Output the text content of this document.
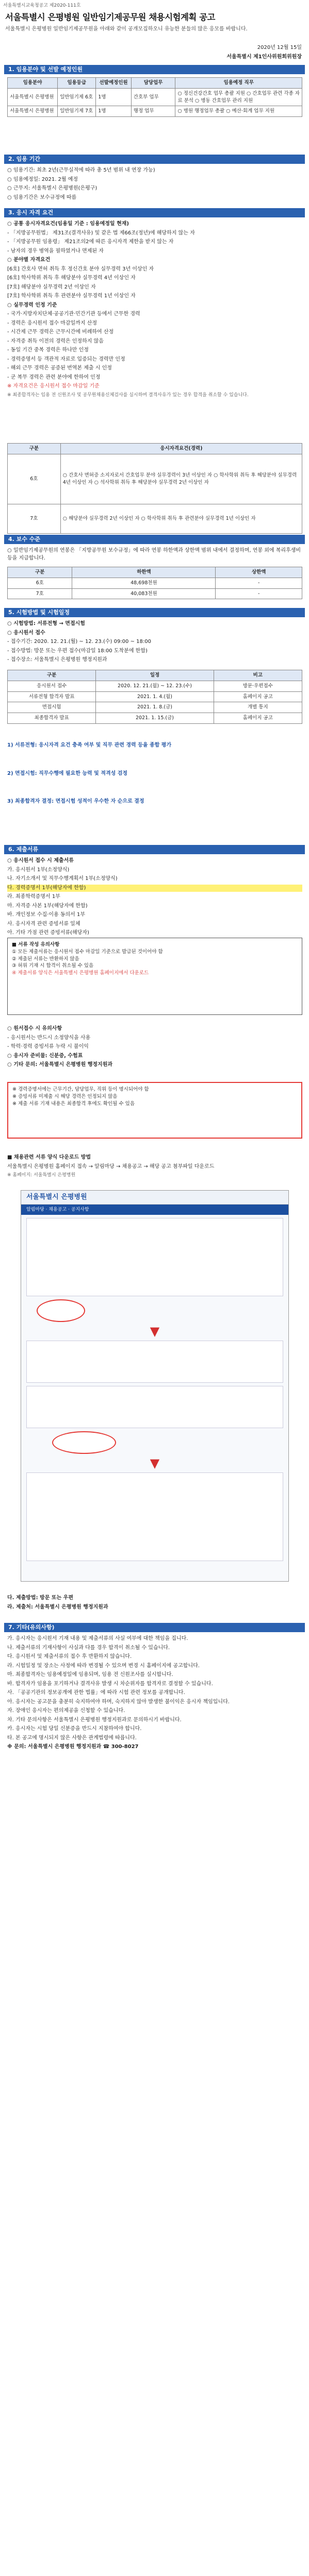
서울특별시교육청공고 제2020-111호
서울특별시 은평병원 일반임기제공무원 채용시험계획 공고
서울특별시 은평병원 일반임기제공무원을 아래와 같이 공개모집하오니 유능한 분들의 많은 응모를 바랍니다.
2020년 12월 15일
서울특별시 제1인사위원회위원장
1. 임용분야 및 선발 예정인원
임용분야	임용등급	선발예정인원	담당업무	임용예정 직무
서울특별시 은평병원	일반임기제 6호	1명	간호부 업무	○ 정신건강간호 업무 총괄 지원 ○ 간호업무 관련 각종 자료 분석 ○ 병동 간호업무 관리 지원
서울특별시 은평병원	일반임기제 7호	1명	행정 업무	○ 병원 행정업무 총괄 ○ 예산·회계 업무 지원
2. 임용 기간

○ 임용기간: 최초 2년(근무실적에 따라 총 5년 범위 내 연장 가능)

○ 임용예정일: 2021. 2월 예정

○ 근무지: 서울특별시 은평병원(은평구)

○ 임용기간은 보수규정에 따름

3. 응시 자격 요건

○ 공통 응시자격요건(임용일 기준 : 임용예정일 현재)

- 「지방공무원법」 제31조(결격사유) 및 같은 법 제66조(정년)에 해당하지 않는 자

- 「지방공무원 임용령」 제21조의2에 따른 응시자격 제한을 받지 않는 자

- 남자의 경우 병역을 필하였거나 면제된 자

○ 분야별 자격요건

[6호] 간호사 면허 취득 후 정신간호 분야 실무경력 3년 이상인 자

[6호] 학사학위 취득 후 해당분야 실무경력 4년 이상인 자

[7호] 해당분야 실무경력 2년 이상인 자

[7호] 학사학위 취득 후 관련분야 실무경력 1년 이상인 자

○ 실무경력 인정 기준

- 국가·지방자치단체·공공기관·민간기관 등에서 근무한 경력

- 경력은 응시원서 접수 마감일까지 산정

- 시간제 근무 경력은 근무시간에 비례하여 산정

- 자격증 취득 이전의 경력은 인정하지 않음

- 동일 기간 중복 경력은 하나만 인정

- 경력증명서 등 객관적 자료로 입증되는 경력만 인정

- 해외 근무 경력은 공증된 번역본 제출 시 인정

- 군 복무 경력은 관련 분야에 한하여 인정

※ 자격요건은 응시원서 접수 마감일 기준

※ 최종합격자는 임용 전 신원조사 및 공무원채용신체검사를 실시하며 결격사유가 있는 경우 합격을 취소할 수 있습니다.

구분	응시자격요건(경력)
6호	○ 간호사 면허증 소지자로서 간호업무 분야 실무경력이 3년 이상인 자 ○ 학사학위 취득 후 해당분야 실무경력 4년 이상인 자 ○ 석사학위 취득 후 해당분야 실무경력 2년 이상인 자
7호	○ 해당분야 실무경력 2년 이상인 자 ○ 학사학위 취득 후 관련분야 실무경력 1년 이상인 자
4. 보수 수준

○ 일반임기제공무원의 연봉은 「지방공무원 보수규정」에 따라 연봉 하한액과 상한액 범위 내에서 결정하며, 연봉 외에 복리후생비 등을 지급합니다.

구분	하한액	상한액
6호	48,698천원	-
7호	40,083천원	-
5. 시험방법 및 시험일정

○ 시험방법: 서류전형 → 면접시험

○ 응시원서 접수

- 접수기간: 2020. 12. 21.(월) ~ 12. 23.(수) 09:00 ~ 18:00

- 접수방법: 방문 또는 우편 접수(마감일 18:00 도착분에 한함)

- 접수장소: 서울특별시 은평병원 행정지원과

구분	일정	비고
응시원서 접수	2020. 12. 21.(월) ~ 12. 23.(수)	방문·우편접수
서류전형 합격자 발표	2021. 1. 4.(월)	홈페이지 공고
면접시험	2021. 1. 8.(금)	개별 통지
최종합격자 발표	2021. 1. 15.(금)	홈페이지 공고

1) 서류전형: 응시자격 요건 충족 여부 및 직무 관련 경력 등을 종합 평가

2) 면접시험: 직무수행에 필요한 능력 및 적격성 검정

3) 최종합격자 결정: 면접시험 성적이 우수한 자 순으로 결정

6. 제출서류

○ 응시원서 접수 시 제출서류

가. 응시원서 1부(소정양식)

나. 자기소개서 및 직무수행계획서 1부(소정양식)

다. 경력증명서 1부(해당자에 한함)

라. 최종학력증명서 1부

마. 자격증 사본 1부(해당자에 한함)

바. 개인정보 수집·이용 동의서 1부

사. 응시자격 관련 증빙서류 일체

아. 기타 가점 관련 증빙서류(해당자)

■ 서류 작성 유의사항
① 모든 제출서류는 응시원서 접수 마감일 기준으로 발급된 것이어야 함
② 제출된 서류는 반환하지 않음
③ 허위 기재 시 합격이 취소될 수 있음
④ 제출서류 양식은 서울특별시 은평병원 홈페이지에서 다운로드

○ 원서접수 시 유의사항

- 응시원서는 반드시 소정양식을 사용

- 학력·경력 증빙서류 누락 시 불이익

○ 응시자 준비물: 신분증, 수험표

○ 기타 문의: 서울특별시 은평병원 행정지원과

※ 경력증명서에는 근무기간, 담당업무, 직위 등이 명시되어야 함
※ 증빙서류 미제출 시 해당 경력은 인정되지 않음
※ 제출 서류 기재 내용은 최종합격 후에도 확인될 수 있음

■ 채용관련 서류 양식 다운로드 방법

서울특별시 은평병원 홈페이지 접속 → 알림마당 → 채용공고 → 해당 공고 첨부파일 다운로드

※ 홈페이지: 서울특별시 은평병원

서울특별시 은평병원
알림마당 · 채용공고 · 공지사항
▼
▼

다. 제출방법: 방문 또는 우편

라. 제출처: 서울특별시 은평병원 행정지원과

7. 기타(유의사항)

가. 응시자는 응시원서 기재 내용 및 제출서류의 사실 여부에 대한 책임을 집니다.

나. 제출서류의 기재사항이 사실과 다를 경우 합격이 취소될 수 있습니다.

다. 응시원서 및 제출서류의 접수 후 반환하지 않습니다.

라. 시험일정 및 장소는 사정에 따라 변경될 수 있으며 변경 시 홈페이지에 공고합니다.

마. 최종합격자는 임용예정일에 임용되며, 임용 전 신원조사를 실시합니다.

바. 합격자가 임용을 포기하거나 결격사유 발생 시 차순위자를 합격자로 결정할 수 있습니다.

사. 「공공기관의 정보공개에 관한 법률」에 따라 시험 관련 정보를 공개합니다.

아. 응시자는 공고문을 충분히 숙지하여야 하며, 숙지하지 않아 발생한 불이익은 응시자 책임입니다.

자. 장애인 응시자는 편의제공을 신청할 수 있습니다.

차. 기타 문의사항은 서울특별시 은평병원 행정지원과로 문의하시기 바랍니다.

카. 응시자는 시험 당일 신분증을 반드시 지참하여야 합니다.

타. 본 공고에 명시되지 않은 사항은 관계법령에 따릅니다.

※ 문의: 서울특별시 은평병원 행정지원과 ☎ 300-8027
